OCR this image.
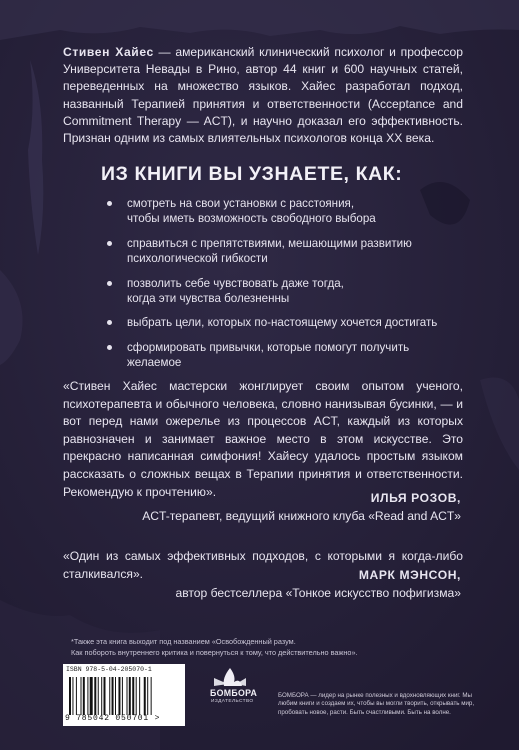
Стивен Хайес — американский клинический психолог и профессор Университета Невады в Рино, автор 44 книг и 600 научных статей, переведенных на множество языков. Хайес разработал подход, названный Терапией принятия и ответственности (Acceptance and Commitment Therapy — ACT), и научно доказал его эффективность. Признан одним из самых влиятельных психологов конца XX века.
ИЗ КНИГИ ВЫ УЗНАЕТЕ, КАК:
смотреть на свои установки с расстояния,
чтобы иметь возможность свободного выбора
справиться с препятствиями, мешающими развитию
психологической гибкости
позволить себе чувствовать даже тогда,
когда эти чувства болезненны
выбрать цели, которых по-настоящему хочется достигать
сформировать привычки, которые помогут получить
желаемое
«Стивен Хайес мастерски жонглирует своим опытом ученого, психотерапевта и обычного человека, словно нанизывая бусинки, — и вот перед нами ожерелье из процессов ACT, каждый из которых равнозначен и занимает важное место в этом искусстве. Это прекрасно написанная симфония! Хайесу удалось простым языком рассказать о сложных вещах в Терапии принятия и ответственности. Рекомендую к прочтению».	ИЛЬЯ РОЗОВ,
ACT-терапевт, ведущий книжного клуба «Read and ACT»
«Один из самых эффективных подходов, с которыми я когда-либо сталкивался».	МАРК МЭНСОН,
автор бестселлера «Тонкое искусство пофигизма»
*Также эта книга выходит под названием «Освобожденный разум.
Как побороть внутреннего критика и повернуться к тому, что действительно важно».
ISBN 978-5-04-205070-1
9 785042 050701 >
БОМБОРА
ИЗДАТЕЛЬСТВО
БОМБОРА — лидер на рынке полезных и вдохновляющих книг. Мы любим книги и создаем их, чтобы вы могли творить, открывать мир, пробовать новое, расти. Быть счастливыми. Быть на волне.
